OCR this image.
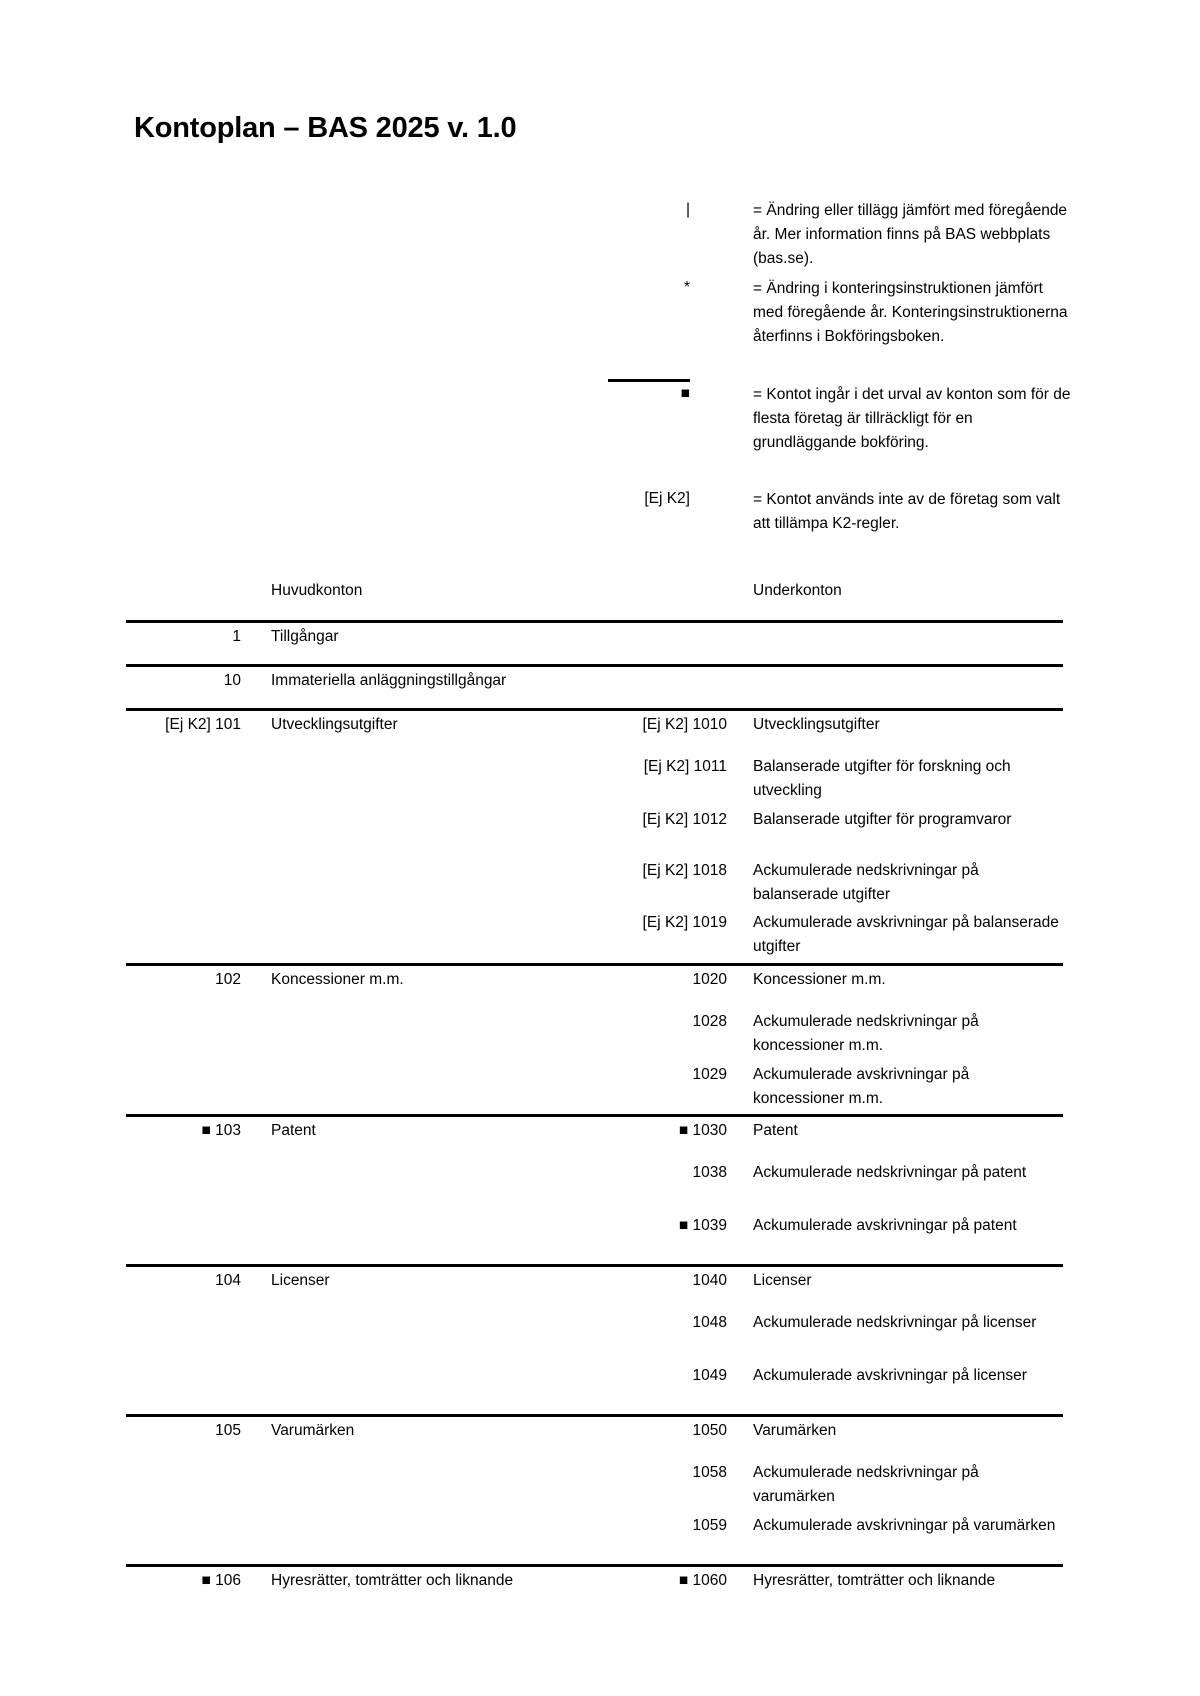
Kontoplan – BAS 2025 v. 1.0
|	= Ändring eller tillägg jämfört med föregående år. Mer information finns på BAS webbplats (bas.se).
*	= Ändring i konteringsinstruktionen jämfört med föregående år. Konteringsinstruktionerna återfinns i Bokföringsboken.
■	= Kontot ingår i det urval av konton som för de flesta företag är tillräckligt för en grundläggande bokföring.
[Ej K2]	= Kontot används inte av de företag som valt att tillämpa K2-regler.
Huvudkonton	Underkonton
1 Tillgångar
10 Immateriella anläggningstillgångar
[Ej K2] 101 Utvecklingsutgifter	[Ej K2] 1010 Utvecklingsutgifter
[Ej K2] 1011 Balanserade utgifter för forskning och utveckling
[Ej K2] 1012 Balanserade utgifter för programvaror
[Ej K2] 1018 Ackumulerade nedskrivningar på balanserade utgifter
[Ej K2] 1019 Ackumulerade avskrivningar på balanserade utgifter
102 Koncessioner m.m.	1020 Koncessioner m.m.
1028 Ackumulerade nedskrivningar på koncessioner m.m.
1029 Ackumulerade avskrivningar på koncessioner m.m.
■ 103 Patent	■ 1030 Patent
1038 Ackumulerade nedskrivningar på patent
■ 1039 Ackumulerade avskrivningar på patent
104 Licenser	1040 Licenser
1048 Ackumulerade nedskrivningar på licenser
1049 Ackumulerade avskrivningar på licenser
105 Varumärken	1050 Varumärken
1058 Ackumulerade nedskrivningar på varumärken
1059 Ackumulerade avskrivningar på varumärken
■ 106 Hyresrätter, tomträtter och liknande	■ 1060 Hyresrätter, tomträtter och liknande
